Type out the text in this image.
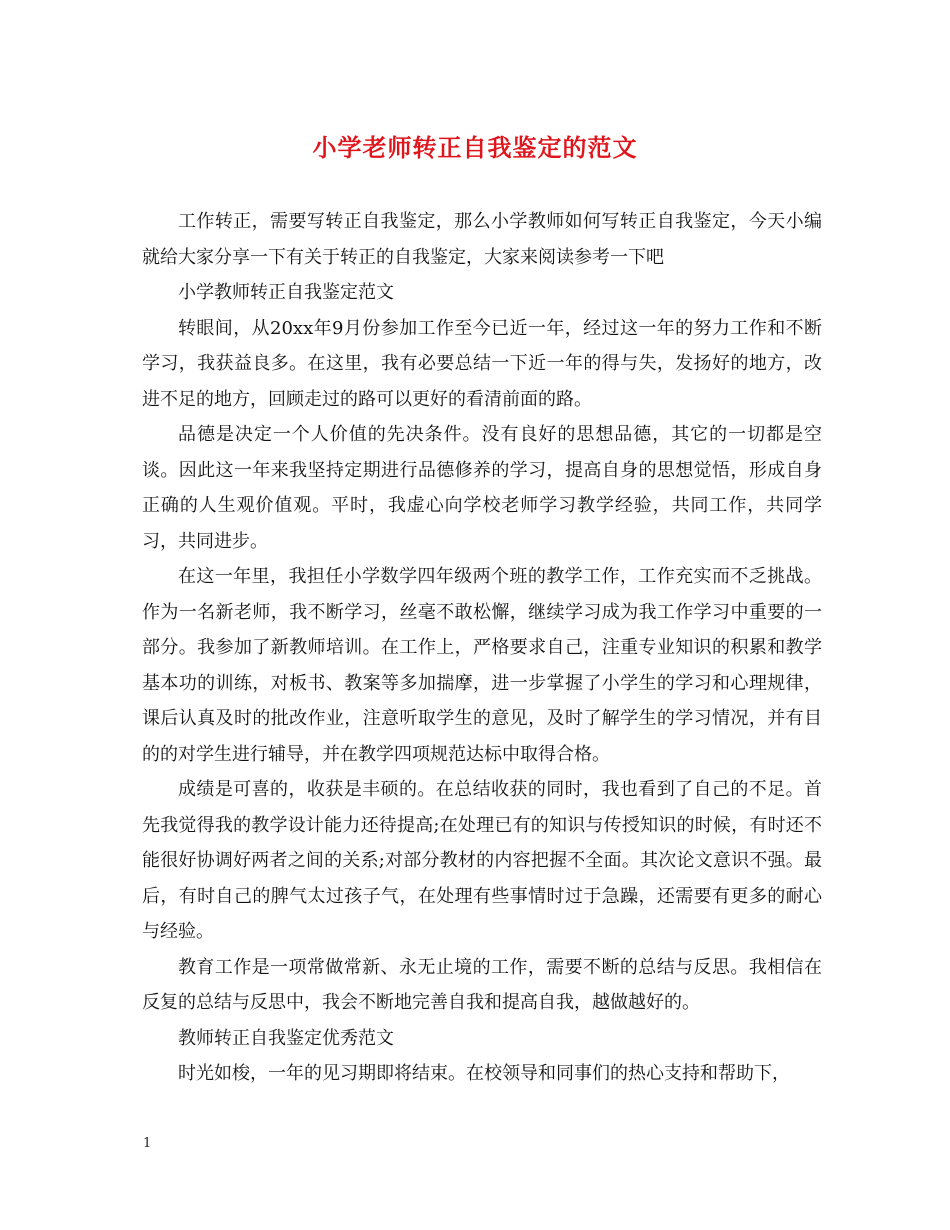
小学老师转正自我鉴定的范文

工作转正，需要写转正自我鉴定，那么小学教师如何写转正自我鉴定，今天小编就给大家分享一下有关于转正的自我鉴定，大家来阅读参考一下吧

小学教师转正自我鉴定范文

转眼间，从20xx年9月份参加工作至今已近一年，经过这一年的努力工作和不断学习，我获益良多。在这里，我有必要总结一下近一年的得与失，发扬好的地方，改进不足的地方，回顾走过的路可以更好的看清前面的路。

品德是决定一个人价值的先决条件。没有良好的思想品德，其它的一切都是空谈。因此这一年来我坚持定期进行品德修养的学习，提高自身的思想觉悟，形成自身正确的人生观价值观。平时，我虚心向学校老师学习教学经验，共同工作，共同学习，共同进步。

在这一年里，我担任小学数学四年级两个班的教学工作，工作充实而不乏挑战。作为一名新老师，我不断学习，丝毫不敢松懈，继续学习成为我工作学习中重要的一部分。我参加了新教师培训。在工作上，严格要求自己，注重专业知识的积累和教学基本功的训练，对板书、教案等多加揣摩，进一步掌握了小学生的学习和心理规律，课后认真及时的批改作业，注意听取学生的意见，及时了解学生的学习情况，并有目的的对学生进行辅导，并在教学四项规范达标中取得合格。

成绩是可喜的，收获是丰硕的。在总结收获的同时，我也看到了自己的不足。首先我觉得我的教学设计能力还待提高;在处理已有的知识与传授知识的时候，有时还不能很好协调好两者之间的关系;对部分教材的内容把握不全面。其次论文意识不强。最后，有时自己的脾气太过孩子气，在处理有些事情时过于急躁，还需要有更多的耐心与经验。

教育工作是一项常做常新、永无止境的工作，需要不断的总结与反思。我相信在反复的总结与反思中，我会不断地完善自我和提高自我，越做越好的。

教师转正自我鉴定优秀范文

时光如梭，一年的见习期即将结束。在校领导和同事们的热心支持和帮助下，

1
